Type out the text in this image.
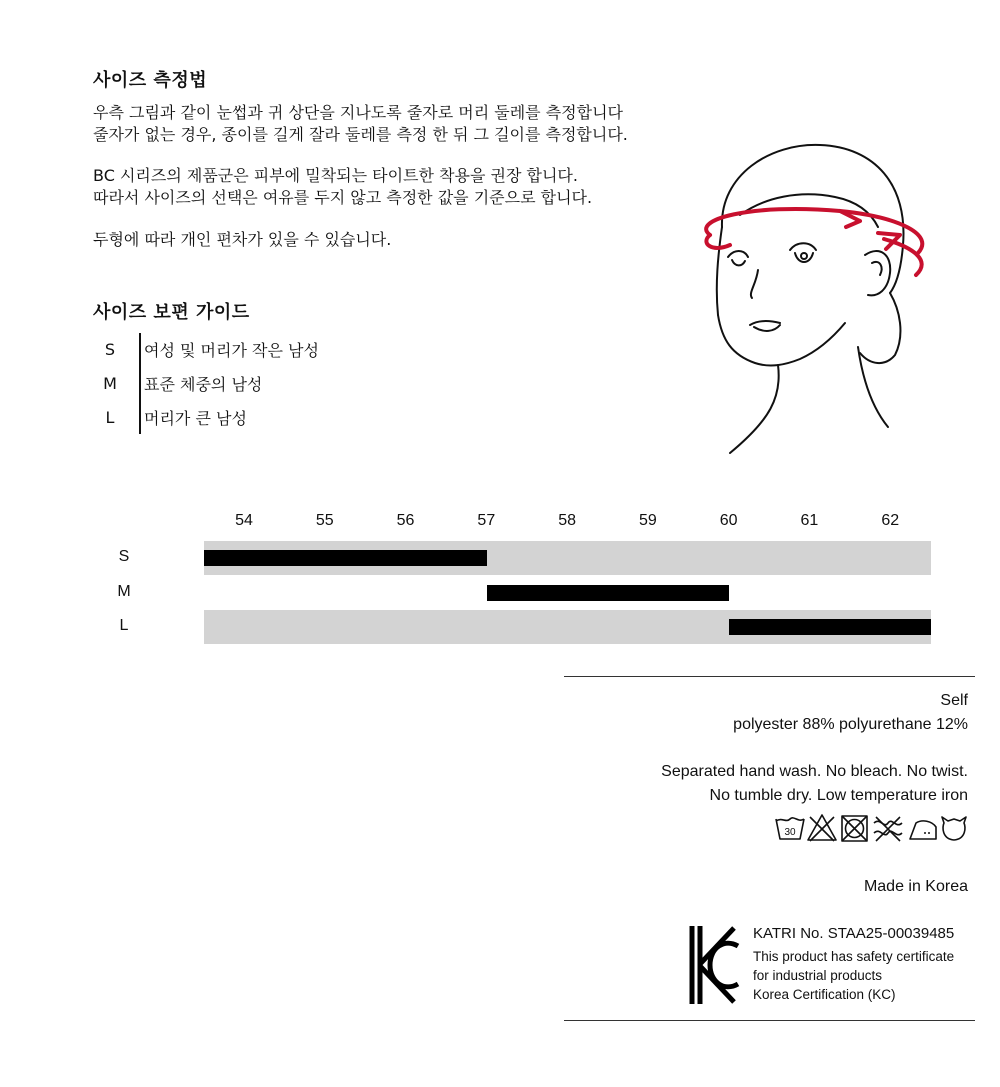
사이즈 측정법
우측 그림과 같이 눈썹과 귀 상단을 지나도록 줄자로 머리 둘레를 측정합니다
줄자가 없는 경우, 종이를 길게 잘라 둘레를 측정 한 뒤 그 길이를 측정합니다.
BC 시리즈의 제품군은 피부에 밀착되는 타이트한 착용을 권장 합니다.
따라서 사이즈의 선택은 여유를 두지 않고 측정한 값을 기준으로 합니다.
두형에 따라 개인 편차가 있을 수 있습니다.
사이즈 보편 가이드
S	여성 및 머리가 작은 남성
M	표준 체중의 남성
L	머리가 큰 남성
54	55	56	57	58	59	60	61	62
S
M
L
Self
polyester 88% polyurethane 12%
Separated hand wash. No bleach. No twist.
No tumble dry. Low temperature iron
30
Made in Korea
KATRI No. STAA25-00039485
This product has safety certificate
for industrial products
Korea Certification (KC)
